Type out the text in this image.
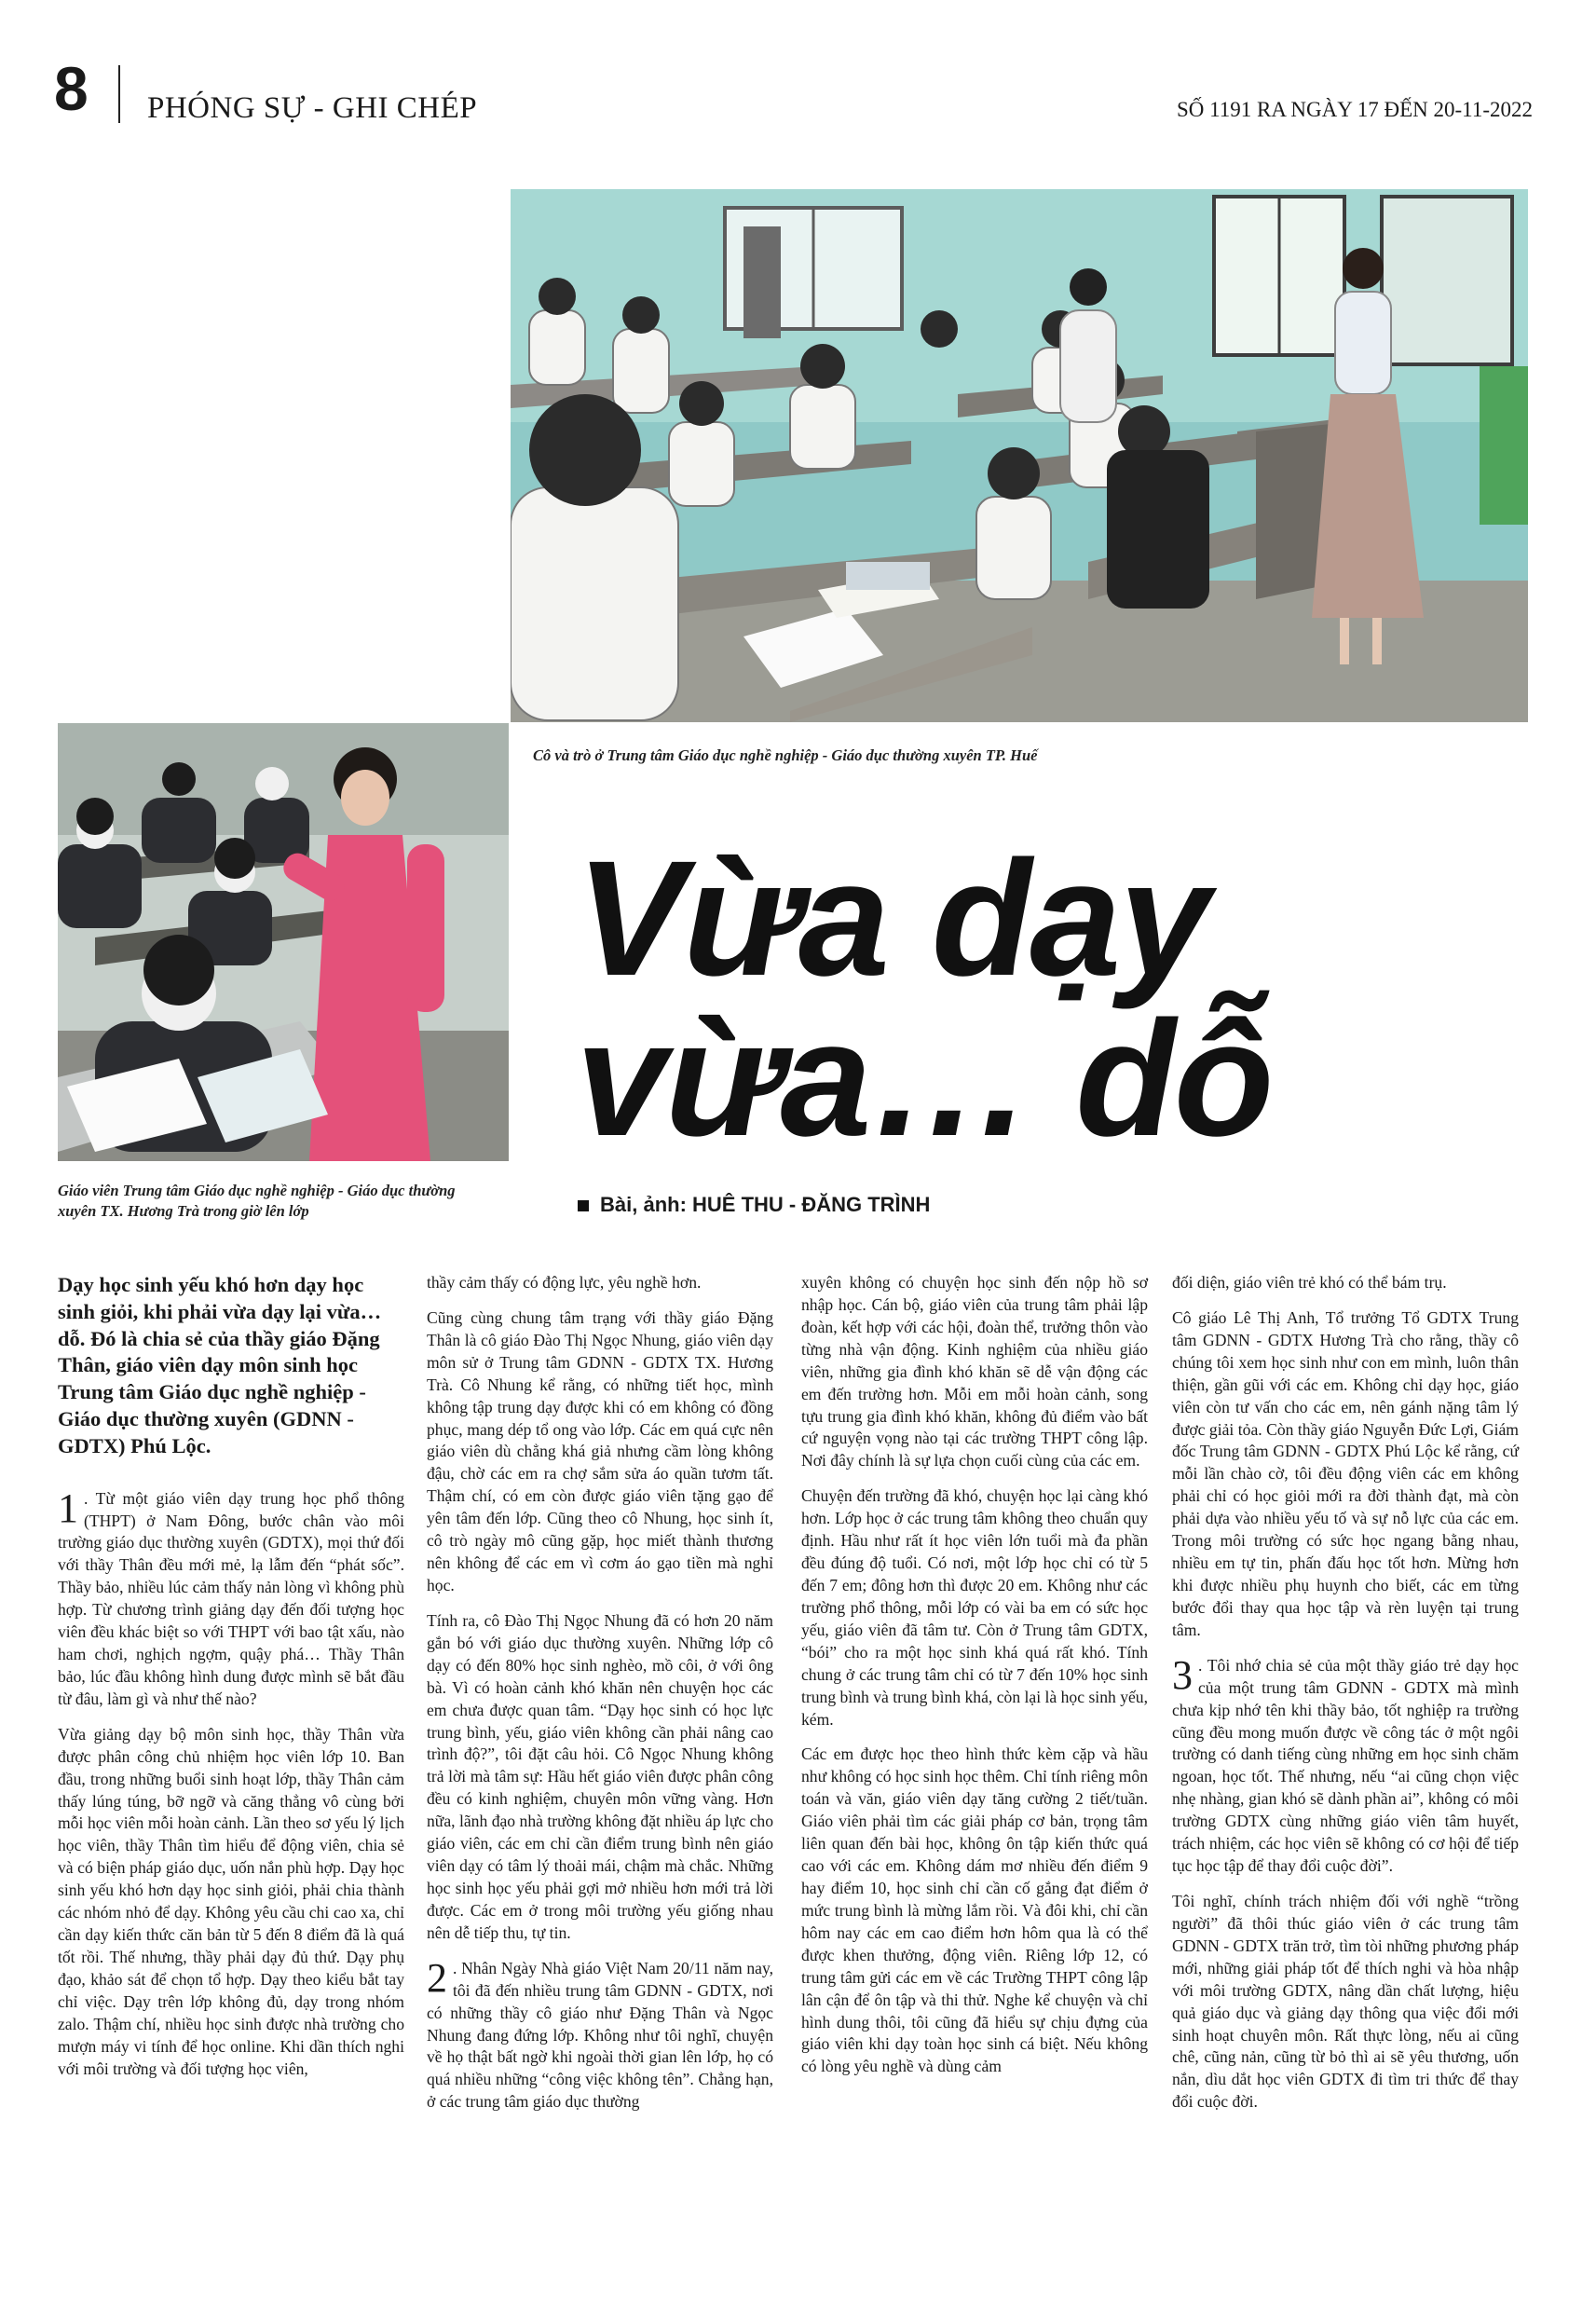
8 PHÓNG SỰ - GHI CHÉP	SỐ 1191 RA NGÀY 17 ĐẾN 20-11-2022
Cô và trò ở Trung tâm Giáo dục nghề nghiệp - Giáo dục thường xuyên TP. Huế
Giáo viên Trung tâm Giáo dục nghề nghiệp - Giáo dục thường xuyên TX. Hương Trà trong giờ lên lớp
Vừa dạy
vừa… dỗ
Bài, ảnh: HUÊ THU - ĐĂNG TRÌNH

Dạy học sinh yếu khó hơn dạy học sinh giỏi, khi phải vừa dạy lại vừa… dỗ. Đó là chia sẻ của thầy giáo Đặng Thân, giáo viên dạy môn sinh học Trung tâm Giáo dục nghề nghiệp - Giáo dục thường xuyên (GDNN - GDTX) Phú Lộc.

1 . Từ một giáo viên dạy trung học phổ thông (THPT) ở Nam Đông, bước chân vào môi trường giáo dục thường xuyên (GDTX), mọi thứ đối với thầy Thân đều mới mẻ, lạ lẫm đến “phát sốc”. Thầy bảo, nhiều lúc cảm thấy nản lòng vì không phù hợp. Từ chương trình giảng dạy đến đối tượng học viên đều khác biệt so với THPT với bao tật xấu, nào ham chơi, nghịch ngợm, quậy phá… Thầy Thân bảo, lúc đầu không hình dung được mình sẽ bắt đầu từ đâu, làm gì và như thế nào?

Vừa giảng dạy bộ môn sinh học, thầy Thân vừa được phân công chủ nhiệm học viên lớp 10. Ban đầu, trong những buổi sinh hoạt lớp, thầy Thân cảm thấy lúng túng, bỡ ngỡ và căng thẳng vô cùng bởi mỗi học viên mỗi hoàn cảnh. Lần theo sơ yếu lý lịch học viên, thầy Thân tìm hiểu để động viên, chia sẻ và có biện pháp giáo dục, uốn nắn phù hợp. Dạy học sinh yếu khó hơn dạy học sinh giỏi, phải chia thành các nhóm nhỏ để dạy. Không yêu cầu chi cao xa, chỉ cần dạy kiến thức căn bản từ 5 đến 8 điểm đã là quá tốt rồi. Thế nhưng, thầy phải dạy đủ thứ. Dạy phụ đạo, khảo sát để chọn tổ hợp. Dạy theo kiểu bắt tay chỉ việc. Dạy trên lớp không đủ, dạy trong nhóm zalo. Thậm chí, nhiều học sinh được nhà trường cho mượn máy vi tính để học online. Khi dần thích nghi với môi trường và đối tượng học viên,

thầy cảm thấy có động lực, yêu nghề hơn.

Cũng cùng chung tâm trạng với thầy giáo Đặng Thân là cô giáo Đào Thị Ngọc Nhung, giáo viên dạy môn sử ở Trung tâm GDNN - GDTX TX. Hương Trà. Cô Nhung kể rằng, có những tiết học, mình không tập trung dạy được khi có em không có đồng phục, mang dép tổ ong vào lớp. Các em quá cực nên giáo viên dù chẳng khá giả nhưng cầm lòng không đậu, chờ các em ra chợ sắm sửa áo quần tươm tất. Thậm chí, có em còn được giáo viên tặng gạo để yên tâm đến lớp. Cũng theo cô Nhung, học sinh ít, cô trò ngày mô cũng gặp, học miết thành thương nên không để các em vì cơm áo gạo tiền mà nghỉ học.

Tính ra, cô Đào Thị Ngọc Nhung đã có hơn 20 năm gắn bó với giáo dục thường xuyên. Những lớp cô dạy có đến 80% học sinh nghèo, mồ côi, ở với ông bà. Vì có hoàn cảnh khó khăn nên chuyện học các em chưa được quan tâm. “Dạy học sinh có học lực trung bình, yếu, giáo viên không cần phải nâng cao trình độ?”, tôi đặt câu hỏi. Cô Ngọc Nhung không trả lời mà tâm sự: Hầu hết giáo viên được phân công đều có kinh nghiệm, chuyên môn vững vàng. Hơn nữa, lãnh đạo nhà trường không đặt nhiều áp lực cho giáo viên, các em chỉ cần điểm trung bình nên giáo viên dạy có tâm lý thoải mái, chậm mà chắc. Những học sinh học yếu phải gợi mở nhiều hơn mới trả lời được. Các em ở trong môi trường yếu giống nhau nên dễ tiếp thu, tự tin.

2 . Nhân Ngày Nhà giáo Việt Nam 20/11 năm nay, tôi đã đến nhiều trung tâm GDNN - GDTX, nơi có những thầy cô giáo như Đặng Thân và Ngọc Nhung đang đứng lớp. Không như tôi nghĩ, chuyện về họ thật bất ngờ khi ngoài thời gian lên lớp, họ có quá nhiều những “công việc không tên”. Chẳng hạn, ở các trung tâm giáo dục thường

xuyên không có chuyện học sinh đến nộp hồ sơ nhập học. Cán bộ, giáo viên của trung tâm phải lập đoàn, kết hợp với các hội, đoàn thể, trưởng thôn vào từng nhà vận động. Kinh nghiệm của nhiều giáo viên, những gia đình khó khăn sẽ dễ vận động các em đến trường hơn. Mỗi em mỗi hoàn cảnh, song tựu trung gia đình khó khăn, không đủ điểm vào bất cứ nguyện vọng nào tại các trường THPT công lập. Nơi đây chính là sự lựa chọn cuối cùng của các em.

Chuyện đến trường đã khó, chuyện học lại càng khó hơn. Lớp học ở các trung tâm không theo chuẩn quy định. Hầu như rất ít học viên lớn tuổi mà đa phần đều đúng độ tuổi. Có nơi, một lớp học chỉ có từ 5 đến 7 em; đông hơn thì được 20 em. Không như các trường phổ thông, mỗi lớp có vài ba em có sức học yếu, giáo viên đã tâm tư. Còn ở Trung tâm GDTX, “bói” cho ra một học sinh khá quá rất khó. Tính chung ở các trung tâm chỉ có từ 7 đến 10% học sinh trung bình và trung bình khá, còn lại là học sinh yếu, kém.

Các em được học theo hình thức kèm cặp và hầu như không có học sinh học thêm. Chỉ tính riêng môn toán và văn, giáo viên dạy tăng cường 2 tiết/tuần. Giáo viên phải tìm các giải pháp cơ bản, trọng tâm liên quan đến bài học, không ôn tập kiến thức quá cao với các em. Không dám mơ nhiều đến điểm 9 hay điểm 10, học sinh chỉ cần cố gắng đạt điểm ở mức trung bình là mừng lắm rồi. Và đôi khi, chỉ cần hôm nay các em cao điểm hơn hôm qua là có thể được khen thưởng, động viên. Riêng lớp 12, có trung tâm gửi các em về các Trường THPT công lập lân cận để ôn tập và thi thử. Nghe kể chuyện và chỉ hình dung thôi, tôi cũng đã hiểu sự chịu đựng của giáo viên khi dạy toàn học sinh cá biệt. Nếu không có lòng yêu nghề và dùng cảm

đối diện, giáo viên trẻ khó có thể bám trụ.

Cô giáo Lê Thị Anh, Tổ trưởng Tổ GDTX Trung tâm GDNN - GDTX Hương Trà cho rằng, thầy cô chúng tôi xem học sinh như con em mình, luôn thân thiện, gần gũi với các em. Không chỉ dạy học, giáo viên còn tư vấn cho các em, nên gánh nặng tâm lý được giải tỏa. Còn thầy giáo Nguyễn Đức Lợi, Giám đốc Trung tâm GDNN - GDTX Phú Lộc kể rằng, cứ mỗi lần chào cờ, tôi đều động viên các em không phải chỉ có học giỏi mới ra đời thành đạt, mà còn phải dựa vào nhiều yếu tố và sự nỗ lực của các em. Trong môi trường có sức học ngang bằng nhau, nhiều em tự tin, phấn đấu học tốt hơn. Mừng hơn khi được nhiều phụ huynh cho biết, các em từng bước đổi thay qua học tập và rèn luyện tại trung tâm.

3 . Tôi nhớ chia sẻ của một thầy giáo trẻ dạy học của một trung tâm GDNN - GDTX mà mình chưa kịp nhớ tên khi thầy bảo, tốt nghiệp ra trường cũng đều mong muốn được về công tác ở một ngôi trường có danh tiếng cùng những em học sinh chăm ngoan, học tốt. Thế nhưng, nếu “ai cũng chọn việc nhẹ nhàng, gian khó sẽ dành phần ai”, không có môi trường GDTX cùng những giáo viên tâm huyết, trách nhiệm, các học viên sẽ không có cơ hội để tiếp tục học tập để thay đổi cuộc đời”.

Tôi nghĩ, chính trách nhiệm đối với nghề “trồng người” đã thôi thúc giáo viên ở các trung tâm GDNN - GDTX trăn trở, tìm tòi những phương pháp mới, những giải pháp tốt để thích nghi và hòa nhập với môi trường GDTX, nâng dần chất lượng, hiệu quả giáo dục và giảng dạy thông qua việc đổi mới sinh hoạt chuyên môn. Rất thực lòng, nếu ai cũng chê, cũng nản, cũng từ bỏ thì ai sẽ yêu thương, uốn nắn, dìu dắt học viên GDTX đi tìm tri thức để thay đổi cuộc đời.
